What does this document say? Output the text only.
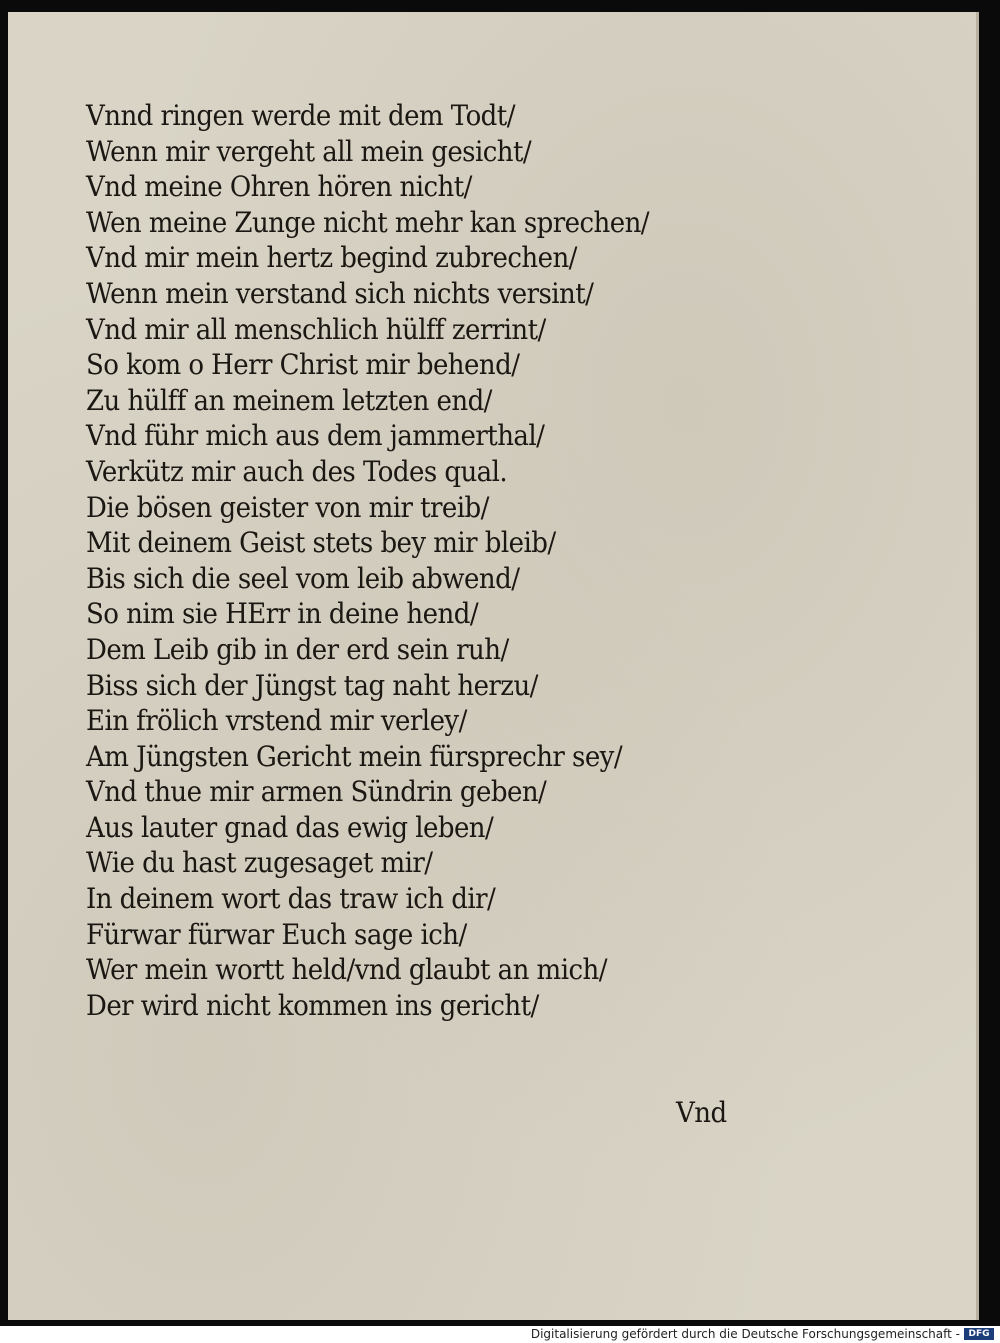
Vnnd ringen werde mit dem Todt/
Wenn mir vergeht all mein gesicht/
Vnd meine Ohren hören nicht/
Wen meine Zunge nicht mehr kan sprechen/
Vnd mir mein hertz begind zubrechen/
Wenn mein verstand sich nichts versint/
Vnd mir all menschlich hülff zerrint/
So kom o Herr Christ mir behend/
Zu hülff an meinem letzten end/
Vnd führ mich aus dem jammerthal/
Verkütz mir auch des Todes qual.
Die bösen geister von mir treib/
Mit deinem Geist stets bey mir bleib/
Bis sich die seel vom leib abwend/
So nim sie HErr in deine hend/
Dem Leib gib in der erd sein ruh/
Biss sich der Jüngst tag naht herzu/
Ein frölich vrstend mir verley/
Am Jüngsten Gericht mein fürsprechr sey/
Vnd thue mir armen Sündrin geben/
Aus lauter gnad das ewig leben/
Wie du hast zugesaget mir/
In deinem wort das traw ich dir/
Fürwar fürwar Euch sage ich/
Wer mein wortt held/vnd glaubt an mich/
Der wird nicht kommen ins gericht/
Vnd
Digitalisierung gefördert durch die Deutsche Forschungsgemeinschaft - DFG
